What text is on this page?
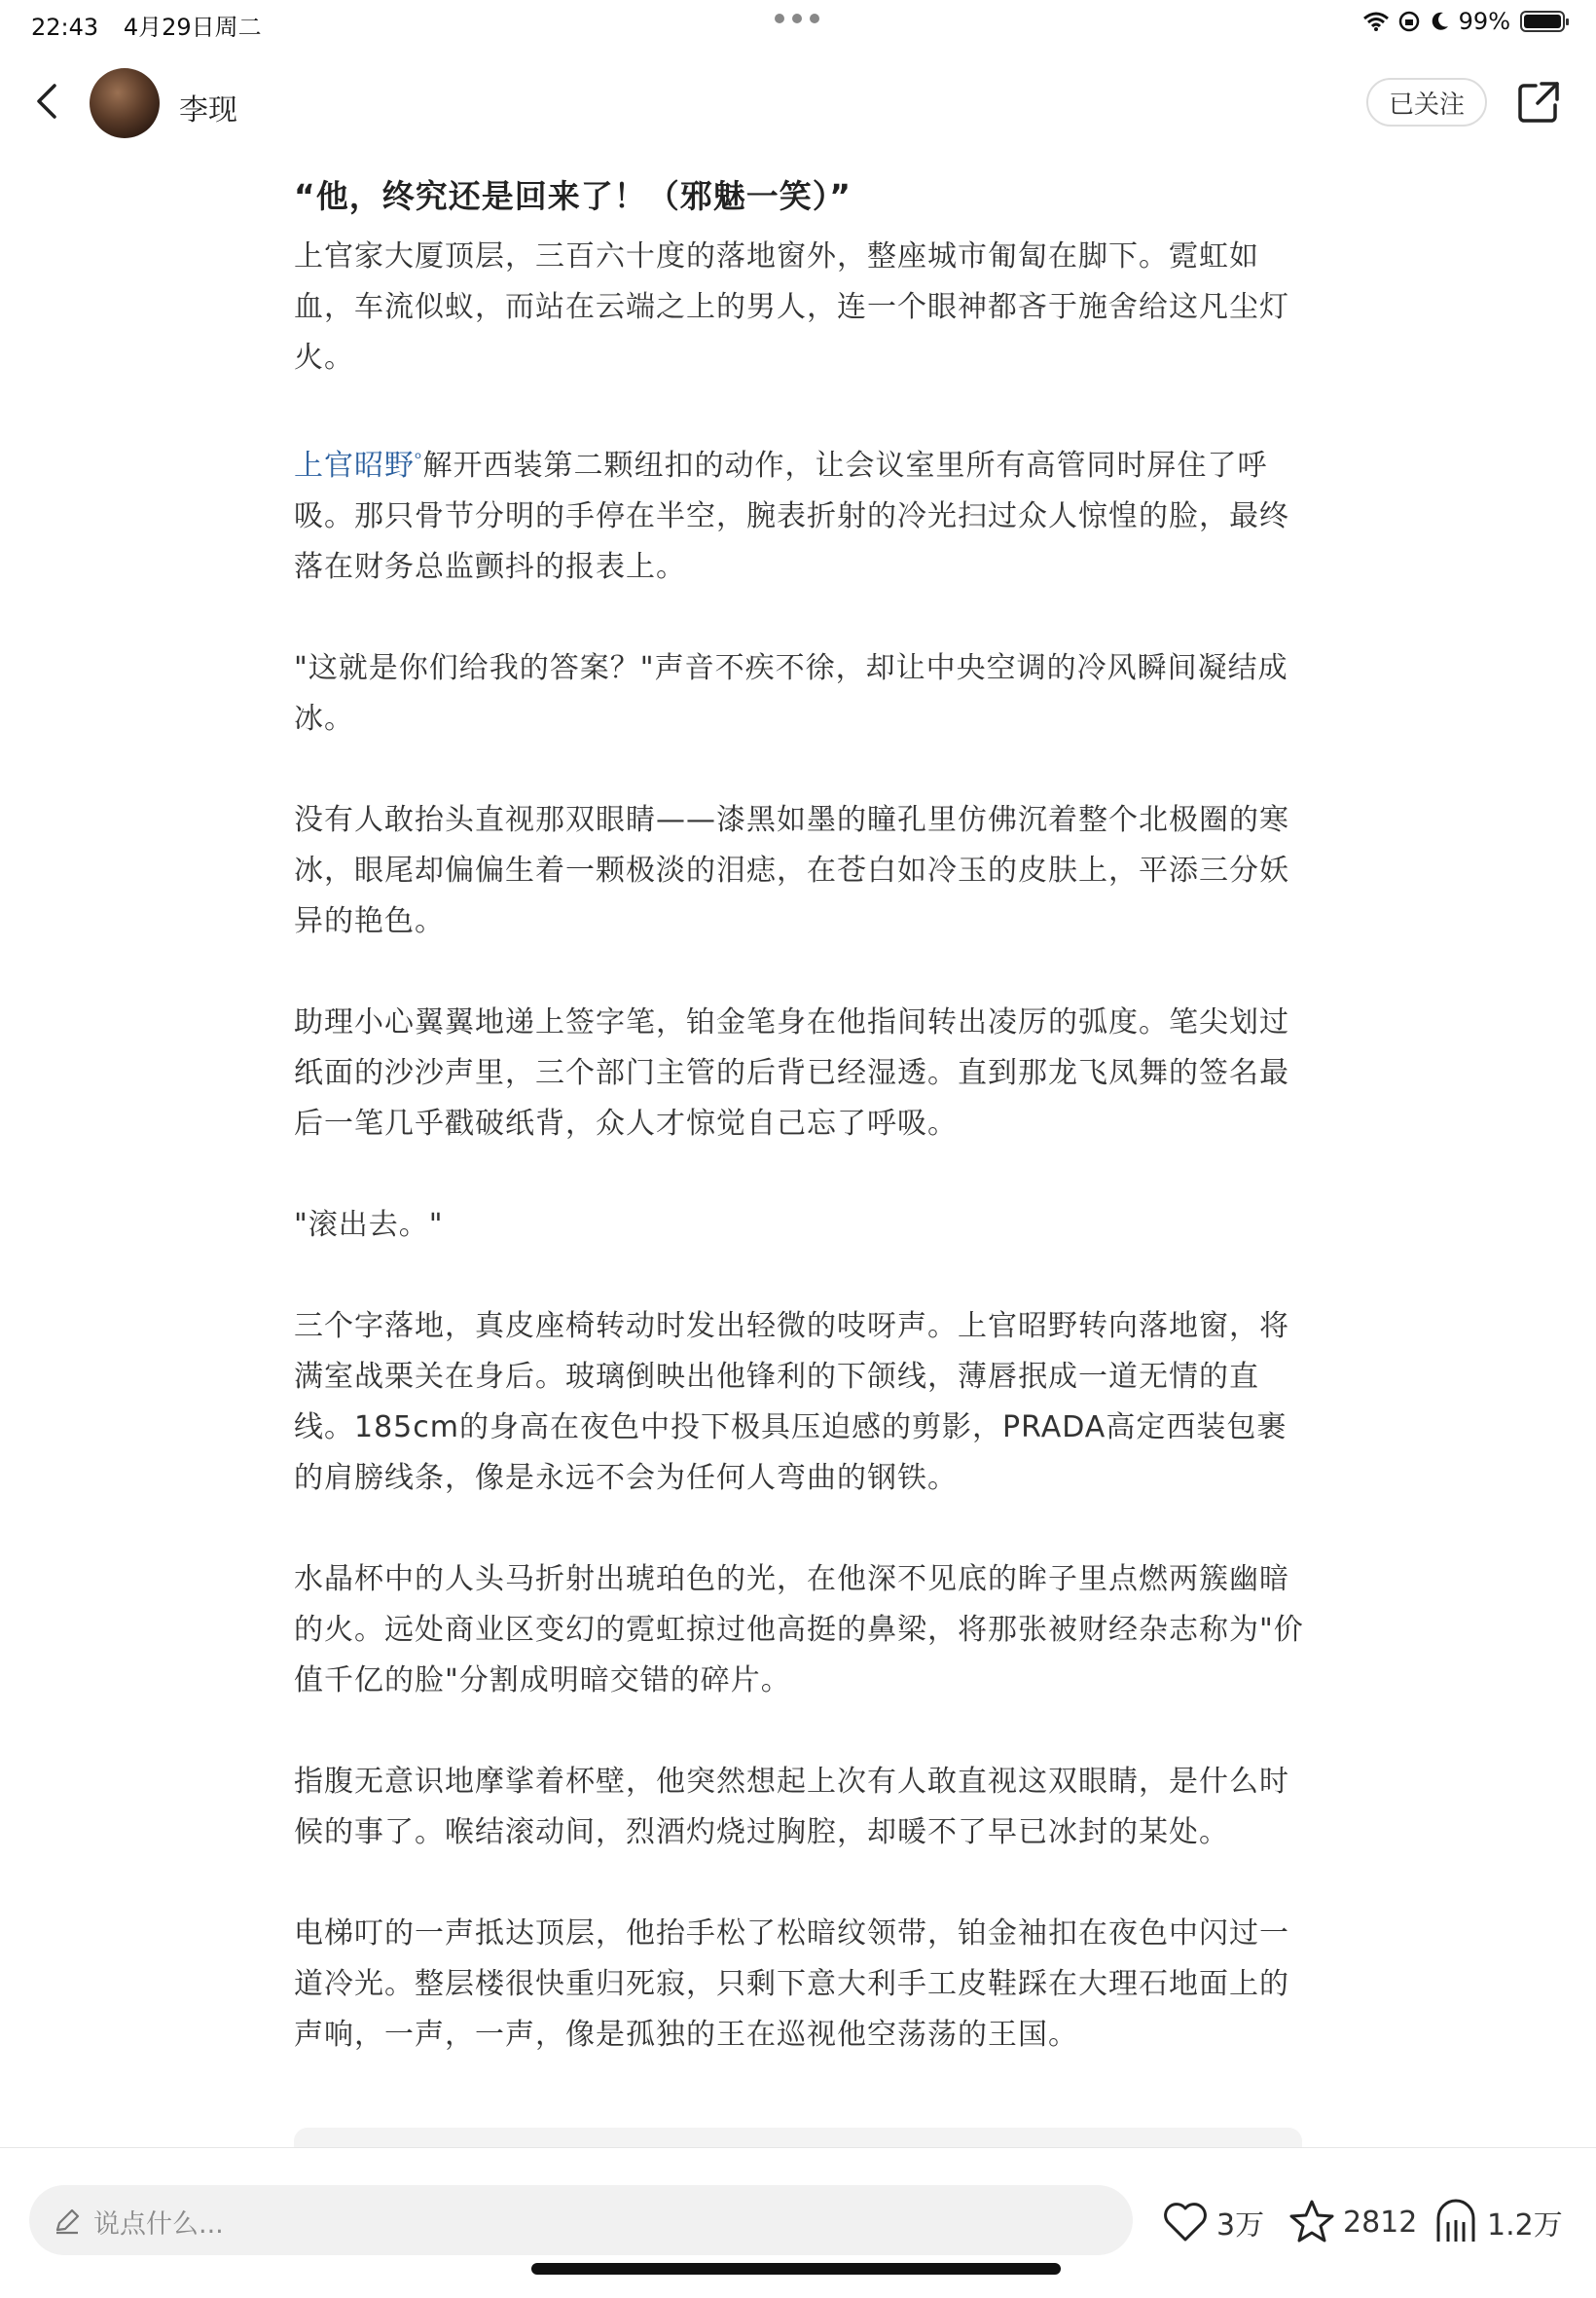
22:43 4月29日周二	99%
李现	已关注
“他，终究还是回来了！（邪魅一笑）”

上官家大厦顶层，三百六十度的落地窗外，整座城市匍匐在脚下。霓虹如血，车流似蚁，而站在云端之上的男人，连一个眼神都吝于施舍给这凡尘灯火。

上官昭野$^ᵒ$解开西装第二颗纽扣的动作，让会议室里所有高管同时屏住了呼吸。那只骨节分明的手停在半空，腕表折射的冷光扫过众人惊惶的脸，最终落在财务总监颤抖的报表上。

"这就是你们给我的答案？"声音不疾不徐，却让中央空调的冷风瞬间凝结成冰。

没有人敢抬头直视那双眼睛——漆黑如墨的瞳孔里仿佛沉着整个北极圈的寒冰，眼尾却偏偏生着一颗极淡的泪痣，在苍白如冷玉的皮肤上，平添三分妖异的艳色。

助理小心翼翼地递上签字笔，铂金笔身在他指间转出凌厉的弧度。笔尖划过纸面的沙沙声里，三个部门主管的后背已经湿透。直到那龙飞凤舞的签名最后一笔几乎戳破纸背，众人才惊觉自己忘了呼吸。

"滚出去。"

三个字落地，真皮座椅转动时发出轻微的吱呀声。上官昭野转向落地窗，将满室战栗关在身后。玻璃倒映出他锋利的下颌线，薄唇抿成一道无情的直线。185cm的身高在夜色中投下极具压迫感的剪影，PRADA高定西装包裹的肩膀线条，像是永远不会为任何人弯曲的钢铁。

水晶杯中的人头马折射出琥珀色的光，在他深不见底的眸子里点燃两簇幽暗的火。远处商业区变幻的霓虹掠过他高挺的鼻梁，将那张被财经杂志称为"价值千亿的脸"分割成明暗交错的碎片。

指腹无意识地摩挲着杯壁，他突然想起上次有人敢直视这双眼睛，是什么时候的事了。喉结滚动间，烈酒灼烧过胸腔，却暖不了早已冰封的某处。

电梯叮的一声抵达顶层，他抬手松了松暗纹领带，铂金袖扣在夜色中闪过一道冷光。整层楼很快重归死寂，只剩下意大利手工皮鞋踩在大理石地面上的声响，一声，一声，像是孤独的王在巡视他空荡荡的王国。

说点什么...	3万	2812 1.2万
